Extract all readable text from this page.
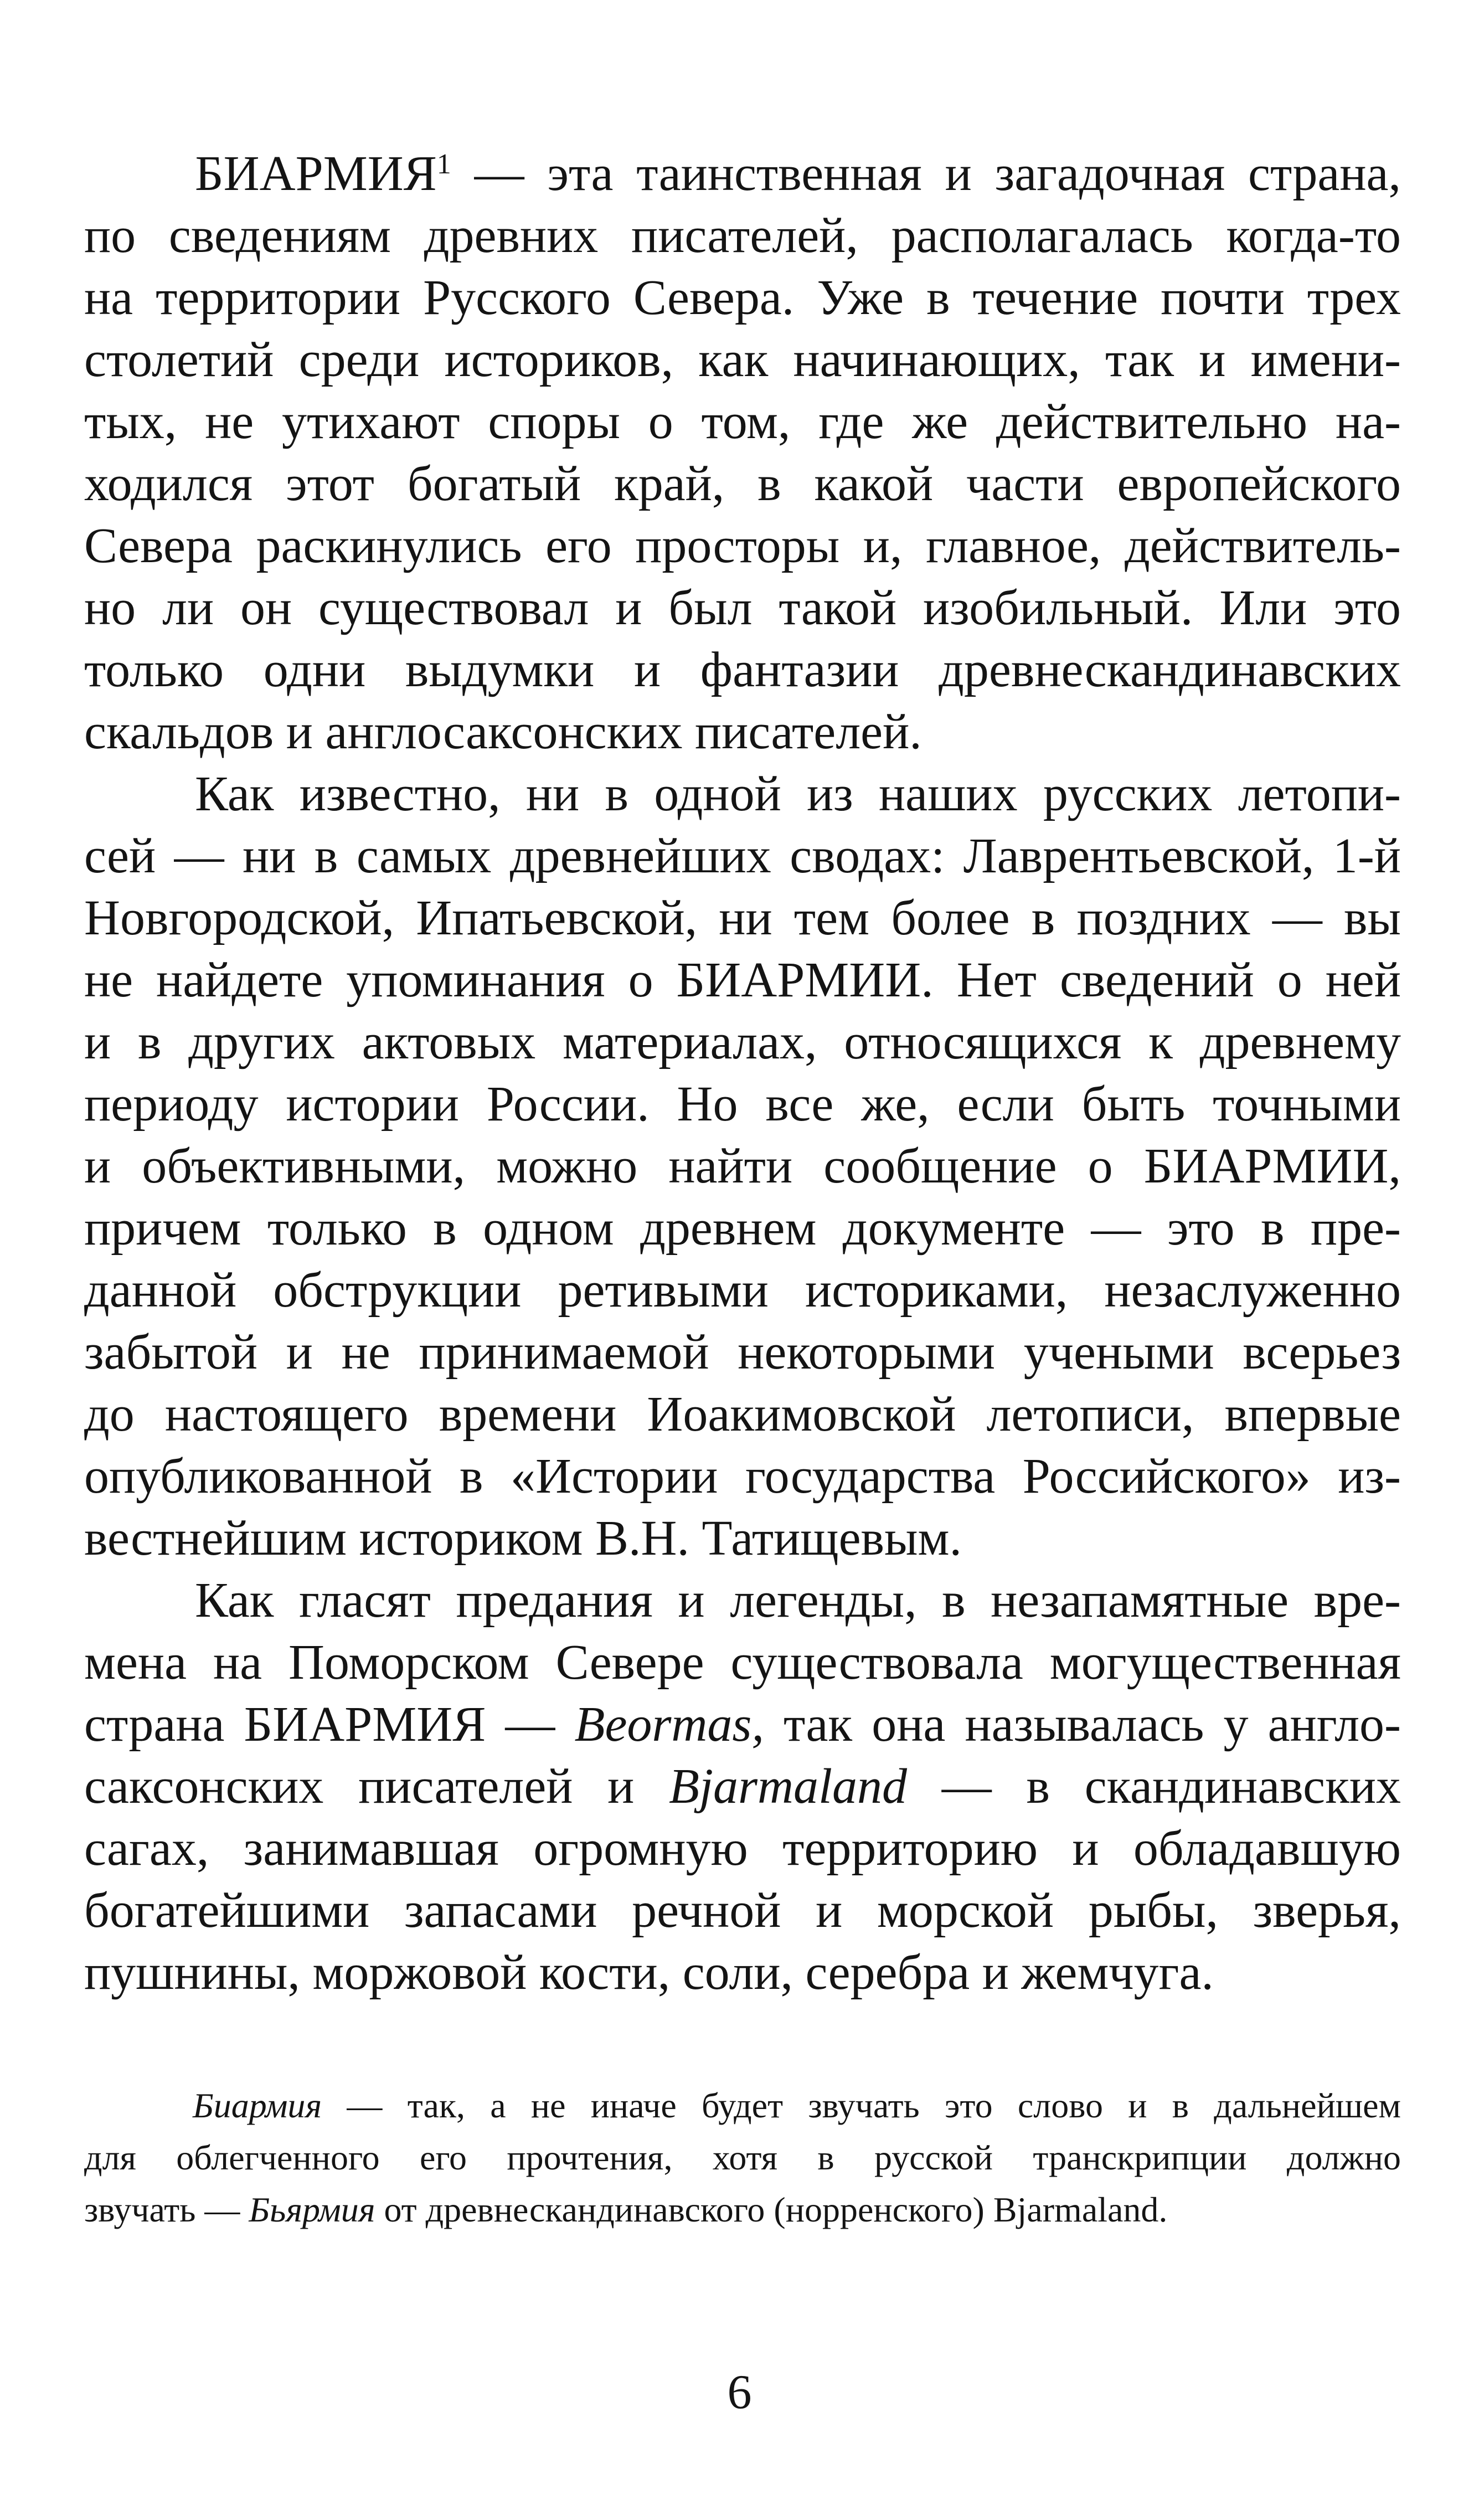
БИАРМИЯ$^1$ — эта таинственная и загадочная страна,
по сведениям древних писателей, располагалась когда-то
на территории Русского Севера. Уже в течение почти трех
столетий среди историков, как начинающих, так и имени-
тых, не утихают споры о том, где же действительно на-
ходился этот богатый край, в какой части европейского
Севера раскинулись его просторы и, главное, действитель-
но ли он существовал и был такой изобильный. Или это
только одни выдумки и фантазии древнескандинавских
скальдов и англосаксонских писателей.
Как известно, ни в одной из наших русских летопи-
сей — ни в самых древнейших сводах: Лаврентьевской, 1-й
Новгородской, Ипатьевской, ни тем более в поздних — вы
не найдете упоминания о БИАРМИИ. Нет сведений о ней
и в других актовых материалах, относящихся к древнему
периоду истории России. Но все же, если быть точными
и объективными, можно найти сообщение о БИАРМИИ,
причем только в одном древнем документе — это в пре-
данной обструкции ретивыми историками, незаслуженно
забытой и не принимаемой некоторыми учеными всерьез
до настоящего времени Иоакимовской летописи, впервые
опубликованной в «Истории государства Российского» из-
вестнейшим историком В.Н. Татищевым.
Как гласят предания и легенды, в незапамятные вре-
мена на Поморском Севере существовала могущественная
страна БИАРМИЯ — Beormas, так она называлась у англо-
саксонских писателей и Bjarmaland — в скандинавских
сагах, занимавшая огромную территорию и обладавшую
богатейшими запасами речной и морской рыбы, зверья,
пушнины, моржовой кости, соли, серебра и жемчуга.
Биармия — так, а не иначе будет звучать это слово и в дальнейшем
для облегченного его прочтения, хотя в русской транскрипции должно
звучать — Бьярмия от древнескандинавского (норренского) Bjarmaland.
6
